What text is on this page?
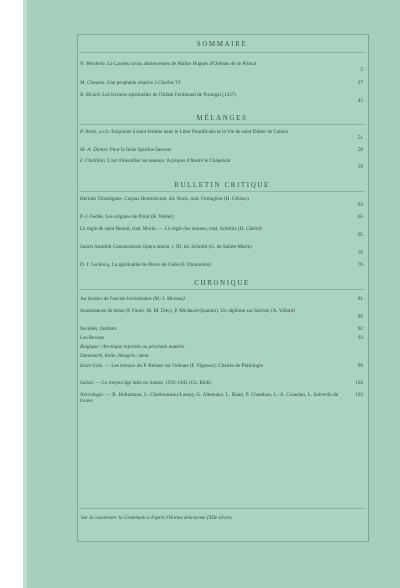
SOMMAIRE
N. Weisbein. Le Laudes novas adolescentes de Maître Hugues d'Orléans dit le Primat
5
M. Chaume. Une prophétie relative à Charles VI	27
R. Ricard. Les lectures spirituelles de l'Infant Ferdinand de Portugal (1437)
45
MÉLANGES
P. Antin, o.s.b. Emprunts à saint Jérôme dans le Liber Pontificalis et la Vie de saint Didier de Cahors
51
M.-A. Dimier. Pour la fiche Spiritus Sanctus	58
F. Chatillon. L'art d'identifier les auteurs. A propos d'André le Chapelain
59
BULLETIN CRITIQUE
Hermès Trismégiste, Corpus Hermeticum, éd. Nock, trad. Festugière (H. Gibson)
63
P.-J. Fedde, Les origines de Prüm (R. Weber)	65
La règle de saint Benoît, trad. Morin. — La règle des moines, trad. Schmitz (H. Chérel)
65
Sancti Anselmi Cantuariensis Opera omnia, t. III, éd. Schmitt (G. de Sainte-Marie)
70
D. J. Leclercq, La spiritualité de Pierre de Celle (F. Dumontier)	76
CHRONIQUE
Au dossier de l'ancien lectionnaire (M.-J. Moreau)	81
Soutenances de thèse (P. Faure, M. M. Davy, P. Michaud-Quantin). Un diplôme sur Salvien (A. Villard)
89
Sociétés, Instituts	92
Les Revues	93
Belgique: chronique reportée au prochain numéro.
Danemark, Italie, Hongrie: idem.
Etats-Unis. — Les travaux du P. Rehner sur Orléans (F. Vignaux). Chaires de Philologie	99
Suisse. — Le moyen âge latin en Suisse, 1932-1945 (Ch. Rüdi)	104
Nécrologie. — R. Holtzmann, L. Charbonneau-Lassay, G. Altemann, L. Riant, P. Chambon, L.-A. Coandau, L. Salverda de Grave
103
Sur la couverture: la Grammatica d'après l'Hortus deliciarum (XIIe siècle).
